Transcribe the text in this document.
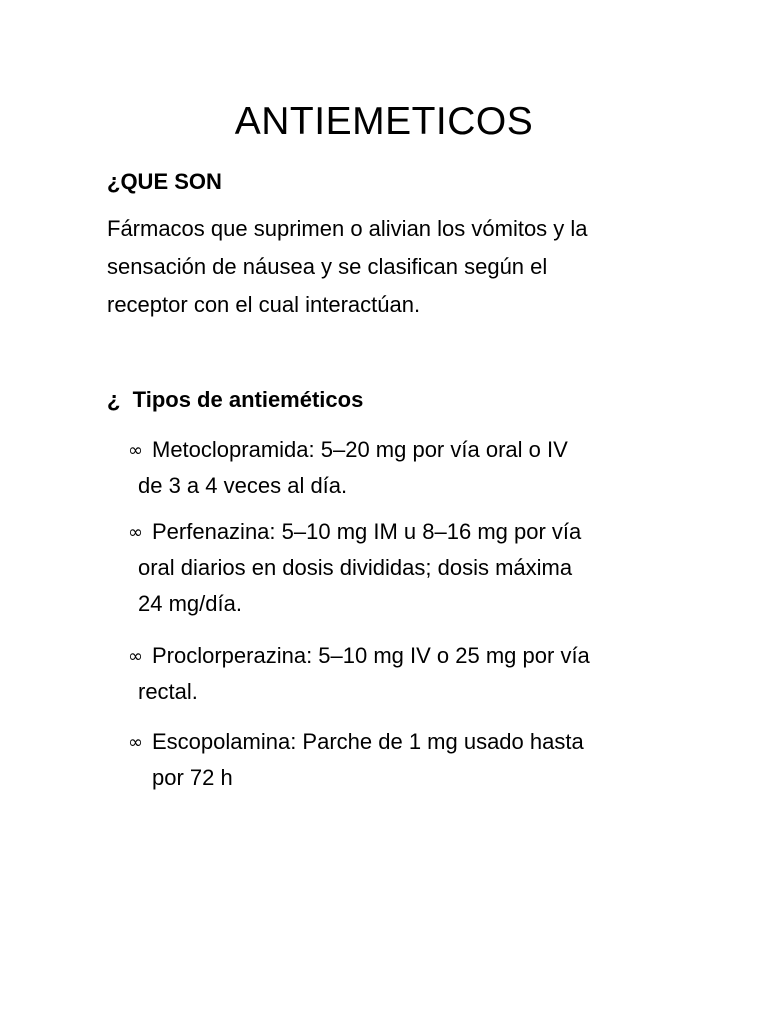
ANTIEMETICOS
¿QUE SON

Fármacos que suprimen o alivian los vómitos y la
sensación de náusea y se clasifican según el
receptor con el cual interactúan.

¿  Tipos de antieméticos
∞ Metoclopramida: 5–20 mg por vía oral o IV
de 3 a 4 veces al día.
∞ Perfenazina: 5–10 mg IM u 8–16 mg por vía
oral diarios en dosis divididas; dosis máxima
24 mg/día.
∞ Proclorperazina: 5–10 mg IV o 25 mg por vía
rectal.
∞ Escopolamina: Parche de 1 mg usado hasta
por 72 h
